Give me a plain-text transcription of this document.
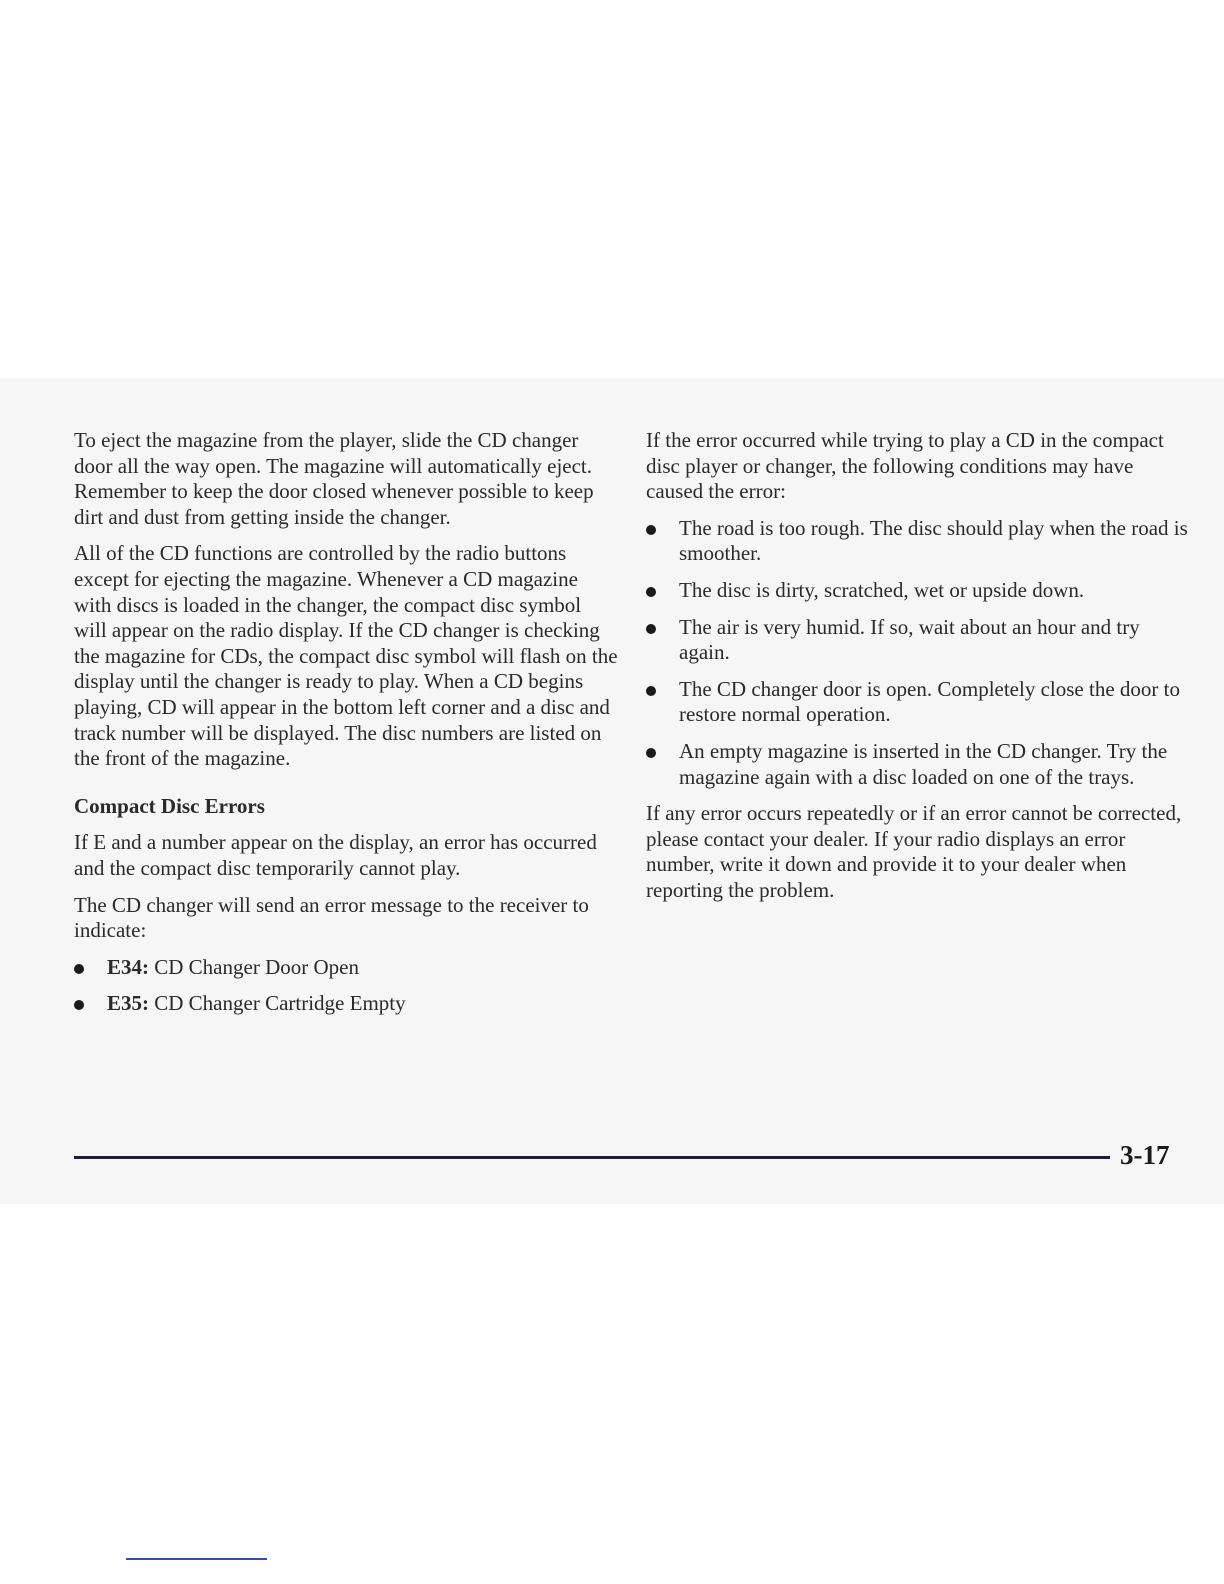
To eject the magazine from the player, slide the CD changer door all the way open. The magazine will automatically eject. Remember to keep the door closed whenever possible to keep dirt and dust from getting inside the changer.

All of the CD functions are controlled by the radio buttons except for ejecting the magazine. Whenever a CD magazine with discs is loaded in the changer, the compact disc symbol will appear on the radio display. If the CD changer is checking the magazine for CDs, the compact disc symbol will flash on the display until the changer is ready to play. When a CD begins playing, CD will appear in the bottom left corner and a disc and track number will be displayed. The disc numbers are listed on the front of the magazine.

Compact Disc Errors

If E and a number appear on the display, an error has occurred and the compact disc temporarily cannot play.

The CD changer will send an error message to the receiver to indicate:

E34: CD Changer Door Open
E35: CD Changer Cartridge Empty

If the error occurred while trying to play a CD in the compact disc player or changer, the following conditions may have caused the error:

The road is too rough. The disc should play when the road is smoother.
The disc is dirty, scratched, wet or upside down.
The air is very humid. If so, wait about an hour and try again.
The CD changer door is open. Completely close the door to restore normal operation.
An empty magazine is inserted in the CD changer. Try the magazine again with a disc loaded on one of the trays.

If any error occurs repeatedly or if an error cannot be corrected, please contact your dealer. If your radio displays an error number, write it down and provide it to your dealer when reporting the problem.

3-17
